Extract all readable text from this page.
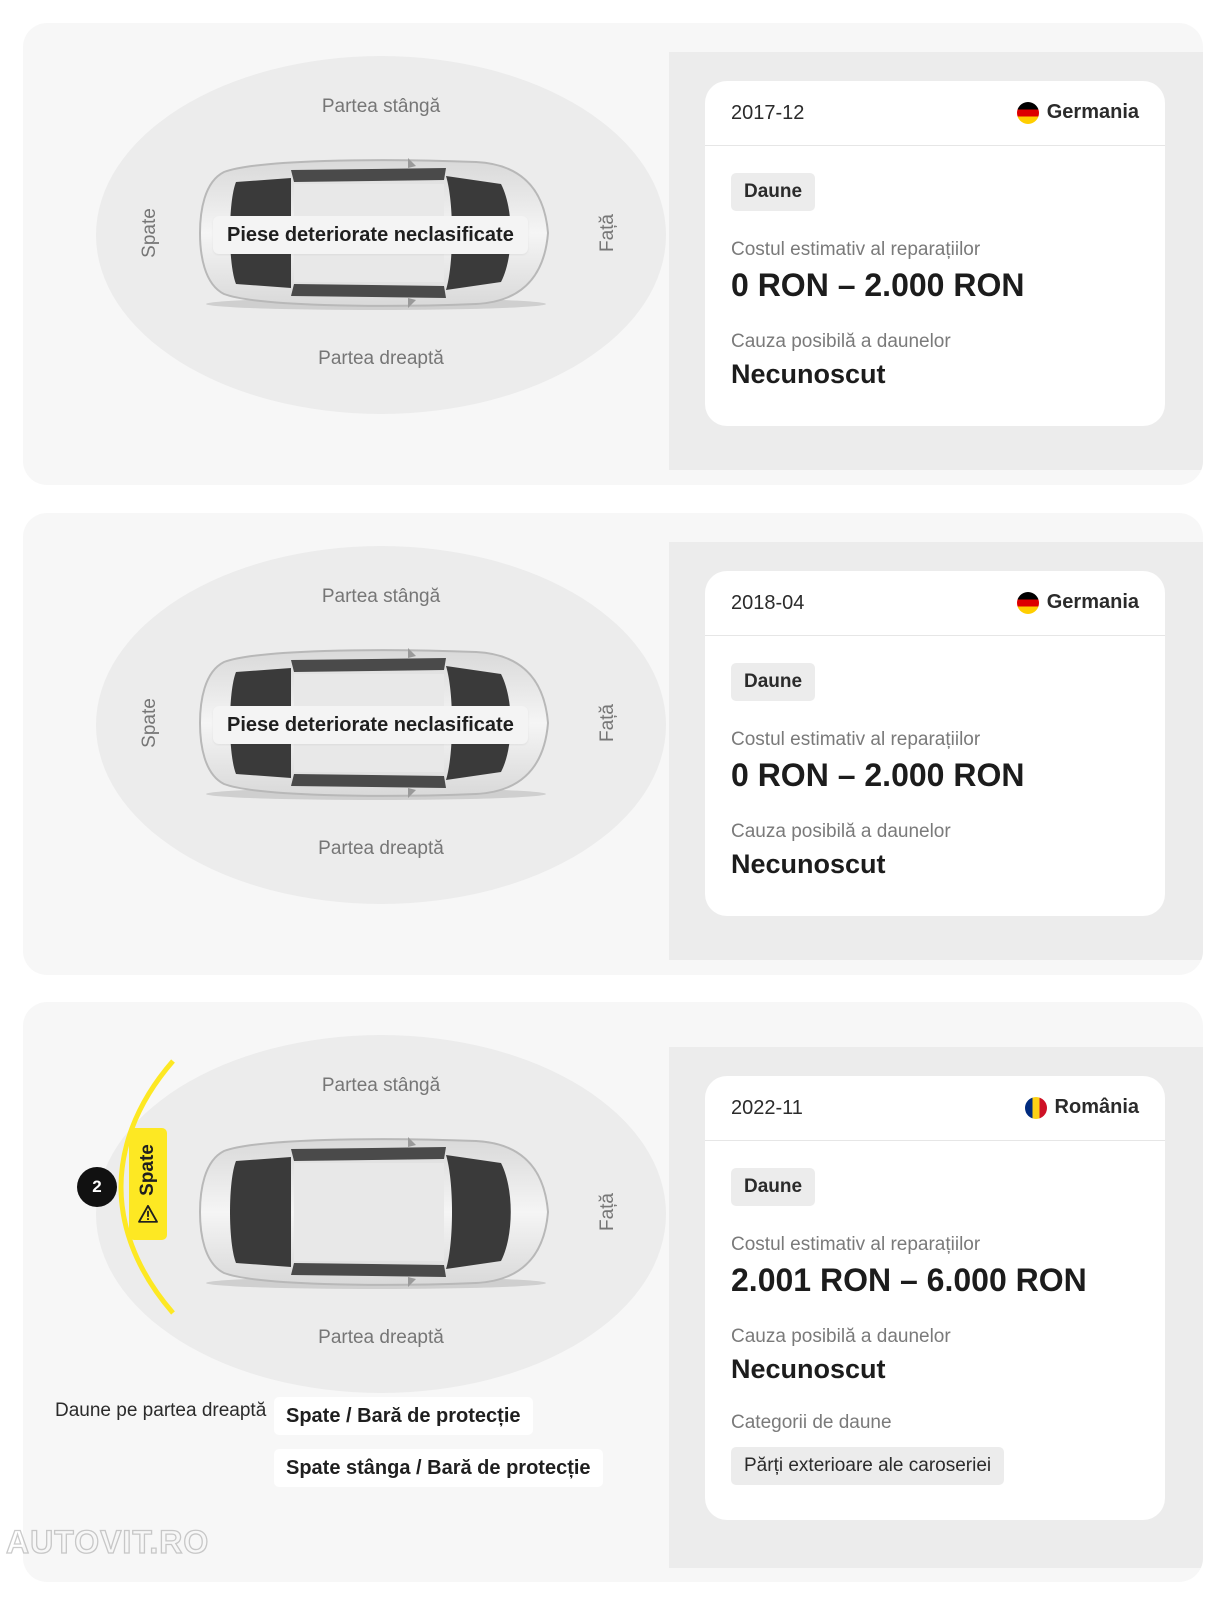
Partea stângă
Partea dreaptă
Spate	Față
Piese deteriorate neclasificate
2017-12	Germania
Daune
Costul estimativ al reparațiilor
0 RON – 2.000 RON
Cauza posibilă a daunelor
Necunoscut
Partea stângă
Partea dreaptă
Spate	Față
Piese deteriorate neclasificate
2018-04	Germania
Daune
Costul estimativ al reparațiilor
0 RON – 2.000 RON
Cauza posibilă a daunelor
Necunoscut
Partea stângă
Partea dreaptă
Față
2	Spate
Daune pe partea dreaptă Spate / Bară de protecție
Spate stânga / Bară de protecție
2022-11	România
Daune
Costul estimativ al reparațiilor
2.001 RON – 6.000 RON
Cauza posibilă a daunelor
Necunoscut
Categorii de daune
Părți exterioare ale caroseriei
AUTOVIT.RO
